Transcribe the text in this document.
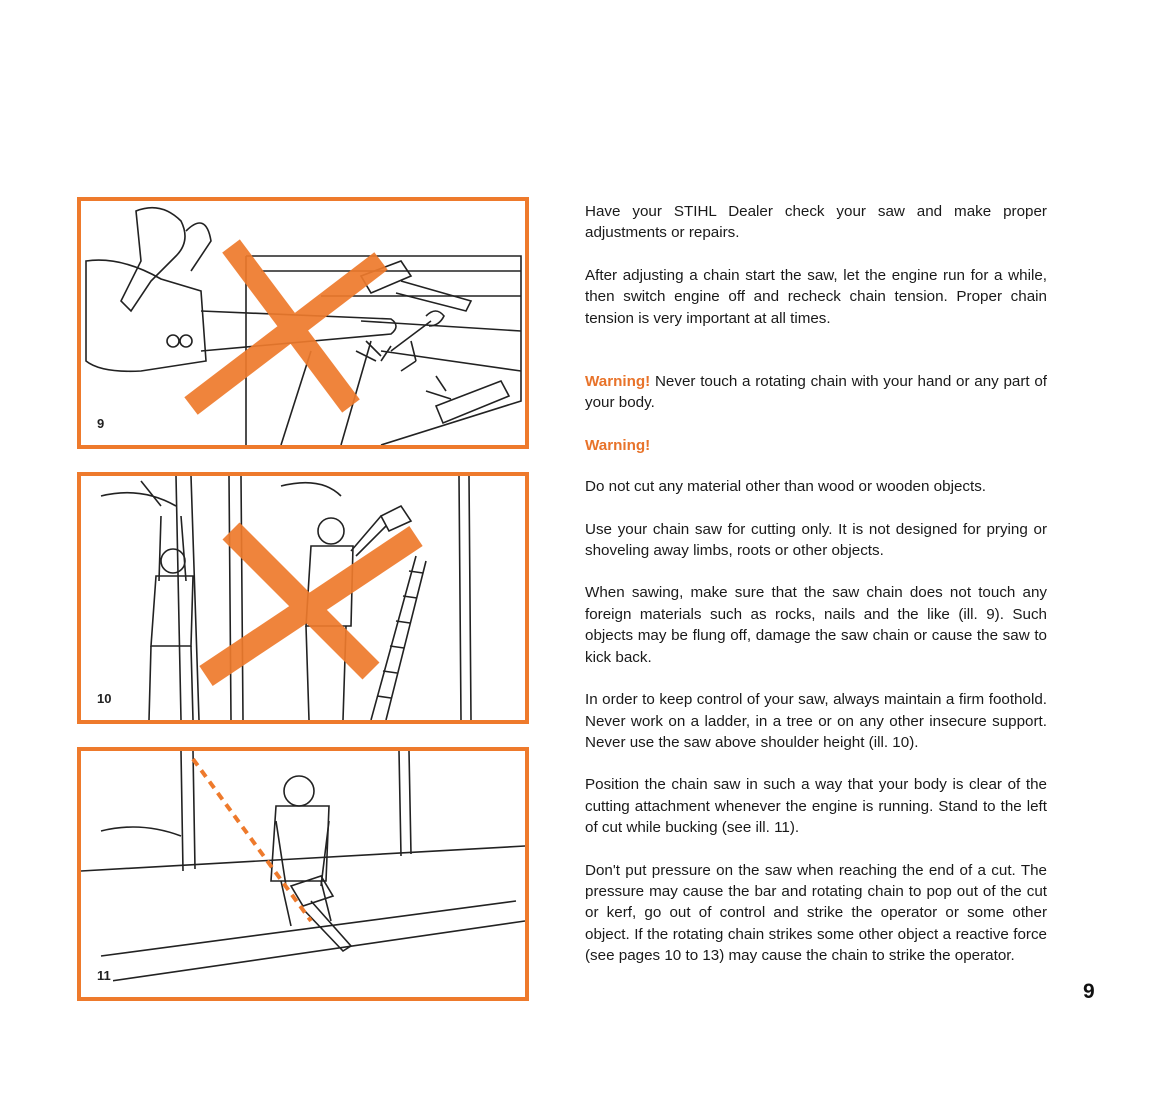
9
10
11

Have your STIHL Dealer check your saw and make proper adjustments or repairs.

After adjusting a chain start the saw, let the engine run for a while, then switch engine off and recheck chain tension. Proper chain tension is very important at all times.

Warning! Never touch a rotating chain with your hand or any part of your body.

Warning!

Do not cut any material other than wood or wooden objects.

Use your chain saw for cutting only. It is not designed for prying or shoveling away limbs, roots or other objects.

When sawing, make sure that the saw chain does not touch any foreign materials such as rocks, nails and the like (ill. 9). Such objects may be flung off, damage the saw chain or cause the saw to kick back.

In order to keep control of your saw, always maintain a firm foothold. Never work on a ladder, in a tree or on any other insecure support. Never use the saw above shoulder height (ill. 10).

Position the chain saw in such a way that your body is clear of the cutting attachment whenever the engine is running. Stand to the left of cut while bucking (see ill. 11).

Don't put pressure on the saw when reaching the end of a cut. The pressure may cause the bar and rotating chain to pop out of the cut or kerf, go out of control and strike the operator or some other object. If the rotating chain strikes some other object a reactive force (see pages 10 to 13) may cause the chain to strike the operator.

9
